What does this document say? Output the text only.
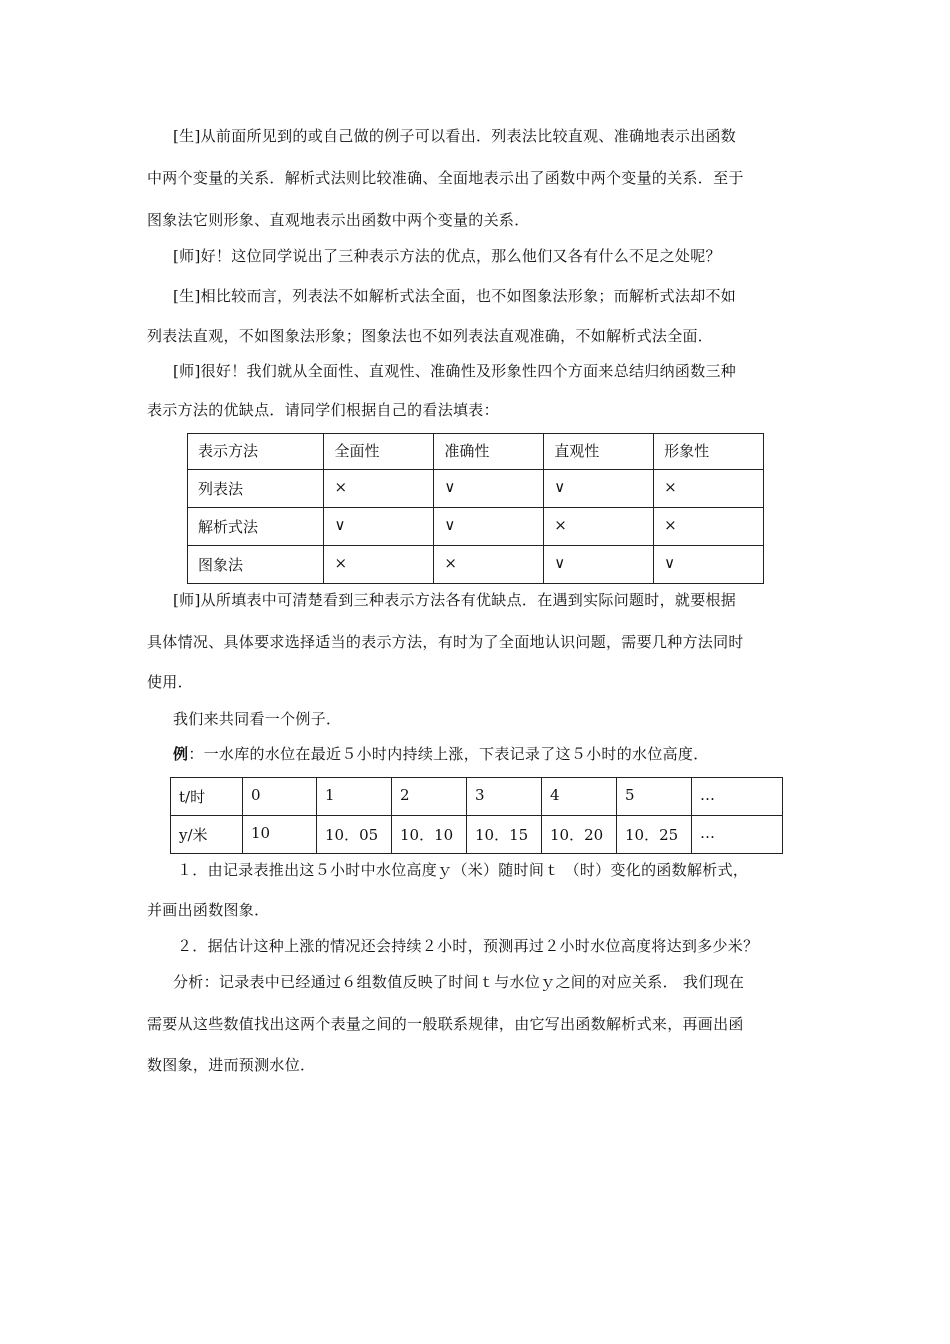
[生]从前面所见到的或自己做的例子可以看出．列表法比较直观、准确地表示出函数
中两个变量的关系．解析式法则比较准确、全面地表示出了函数中两个变量的关系．至于
图象法它则形象、直观地表示出函数中两个变量的关系．
[师]好！这位同学说出了三种表示方法的优点，那么他们又各有什么不足之处呢？
[生]相比较而言，列表法不如解析式法全面，也不如图象法形象；而解析式法却不如
列表法直观，不如图象法形象；图象法也不如列表法直观准确，不如解析式法全面．
[师]很好！我们就从全面性、直观性、准确性及形象性四个方面来总结归纳函数三种
表示方法的优缺点．请同学们根据自己的看法填表：
表示方法	全面性	准确性	直观性	形象性
列表法	×	∨	∨	×
解析式法	∨	∨	×	×
图象法	×	×	∨	∨
[师]从所填表中可清楚看到三种表示方法各有优缺点．在遇到实际问题时，就要根据
具体情况、具体要求选择适当的表示方法，有时为了全面地认识问题，需要几种方法同时
使用．
我们来共同看一个例子．
例：一水库的水位在最近５小时内持续上涨，下表记录了这５小时的水位高度．
t/时	0	1	2	3	4	5	…
y/米	10	10．05	10．10	10．15	10．20	10．25	…
１．由记录表推出这５小时中水位高度ｙ（米）随时间ｔ （时）变化的函数解析式，
并画出函数图象．
２．据估计这种上涨的情况还会持续２小时，预测再过２小时水位高度将达到多少米？
分析：记录表中已经通过６组数值反映了时间ｔ与水位ｙ之间的对应关系． 我们现在
需要从这些数值找出这两个表量之间的一般联系规律，由它写出函数解析式来，再画出函
数图象，进而预测水位．
